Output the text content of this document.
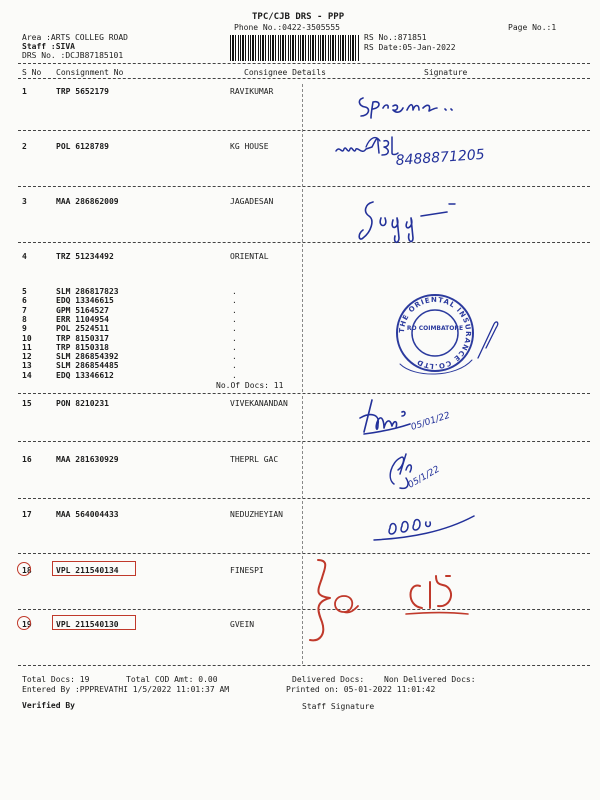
TPC/CJB DRS - PPP
Phone No.:0422-3505555	Page No.:1
Area :ARTS COLLEG ROAD
Staff :SIVA
DRS No. :DCJB87185101
RS No.:871851
RS Date:05-Jan-2022
S No Consignment No	Consignee Details	Signature
1	TRP 5652179	RAVIKUMAR
2	POL 6128789	KG HOUSE
3	MAA 286862009	JAGADESAN
4	TRZ 51234492	ORIENTAL
5	SLM 286817823	.
6	EDQ 13346615	.
7	GPM 5164527	.
8	ERR 1104954	.
9	POL 2524511	.
10	TRP 8150317	.
11	TRP 8150318	.
12	SLM 286854392	.
13	SLM 286854485	.
14	EDQ 13346612	.
No.Of Docs: 11
15	PON 8210231	VIVEKANANDAN
16	MAA 281630929	THEPRL GAC
17	MAA 564004433	NEDUZHEYIAN
18	VPL 211540134	FINESPI
19	VPL 211540130	GVEIN
SPrema..
8488871205
Jagg
THE ORIENTAL INSURANCE CO.LTD
RO COIMBATORE
05/01/22
Hmn 05/01/22
05/1/22
Sh 05/1/22
C15
Total Docs: 19	Total COD Amt: 0.00	Delivered Docs: Non Delivered Docs:
Entered By :PPPREVATHI 1/5/2022 11:01:37 AM	Printed on: 05-01-2022 11:01:42
Verified By	Staff Signature
